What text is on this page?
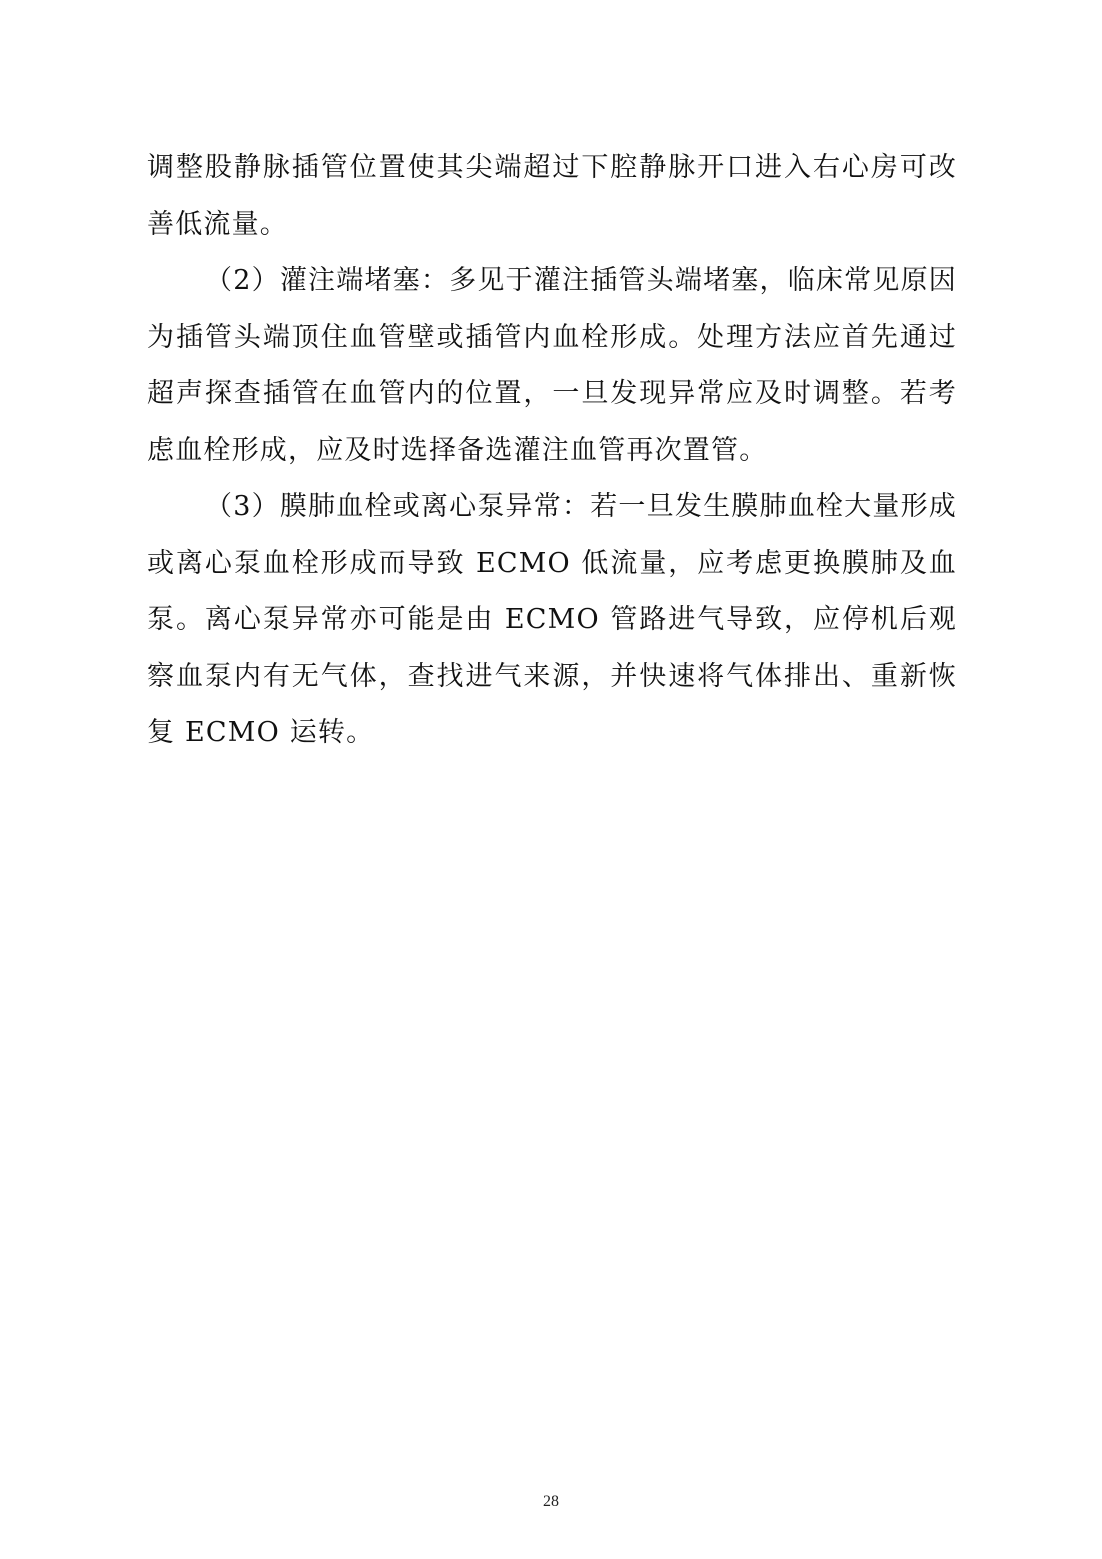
调整股静脉插管位置使其尖端超过下腔静脉开口进入右心房可改善低流量。

（2）灌注端堵塞：多见于灌注插管头端堵塞，临床常见原因为插管头端顶住血管壁或插管内血栓形成。处理方法应首先通过超声探查插管在血管内的位置，一旦发现异常应及时调整。若考虑血栓形成，应及时选择备选灌注血管再次置管。

（3）膜肺血栓或离心泵异常：若一旦发生膜肺血栓大量形成或离心泵血栓形成而导致 ECMO 低流量，应考虑更换膜肺及血泵。离心泵异常亦可能是由 ECMO 管路进气导致，应停机后观察血泵内有无气体，查找进气来源，并快速将气体排出、重新恢复 ECMO 运转。

28
